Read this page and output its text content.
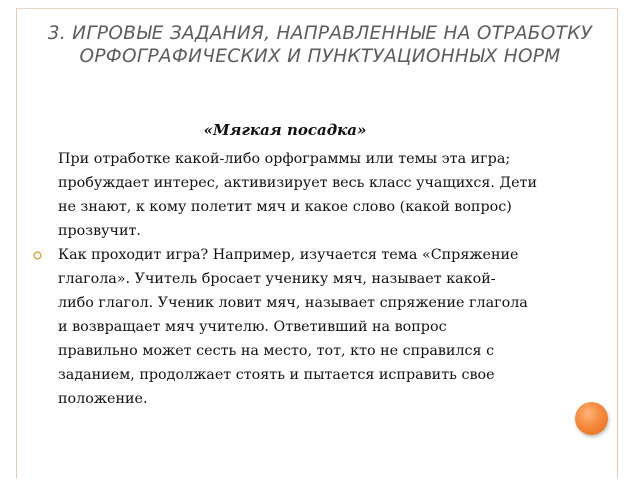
3. ИГРОВЫЕ ЗАДАНИЯ, НАПРАВЛЕННЫЕ НА ОТРАБОТКУ ОРФОГРАФИЧЕСКИХ И ПУНКТУАЦИОННЫХ НОРМ
«Мягкая посадка»
При отработке какой-либо орфограммы или темы эта игра; пробуждает интерес, активизирует весь класс учащихся. Дети не знают, к кому полетит мяч и какое слово (какой вопрос) прозвучит.
Как проходит игра? Например, изучается тема «Спряжение глагола». Учитель бросает ученику мяч, называет какой-либо глагол. Ученик ловит мяч, называет спряжение глагола и возвращает мяч учителю. Ответивший на вопрос правильно может сесть на место, тот, кто не справился с заданием, продолжает стоять и пытается исправить свое положение.
